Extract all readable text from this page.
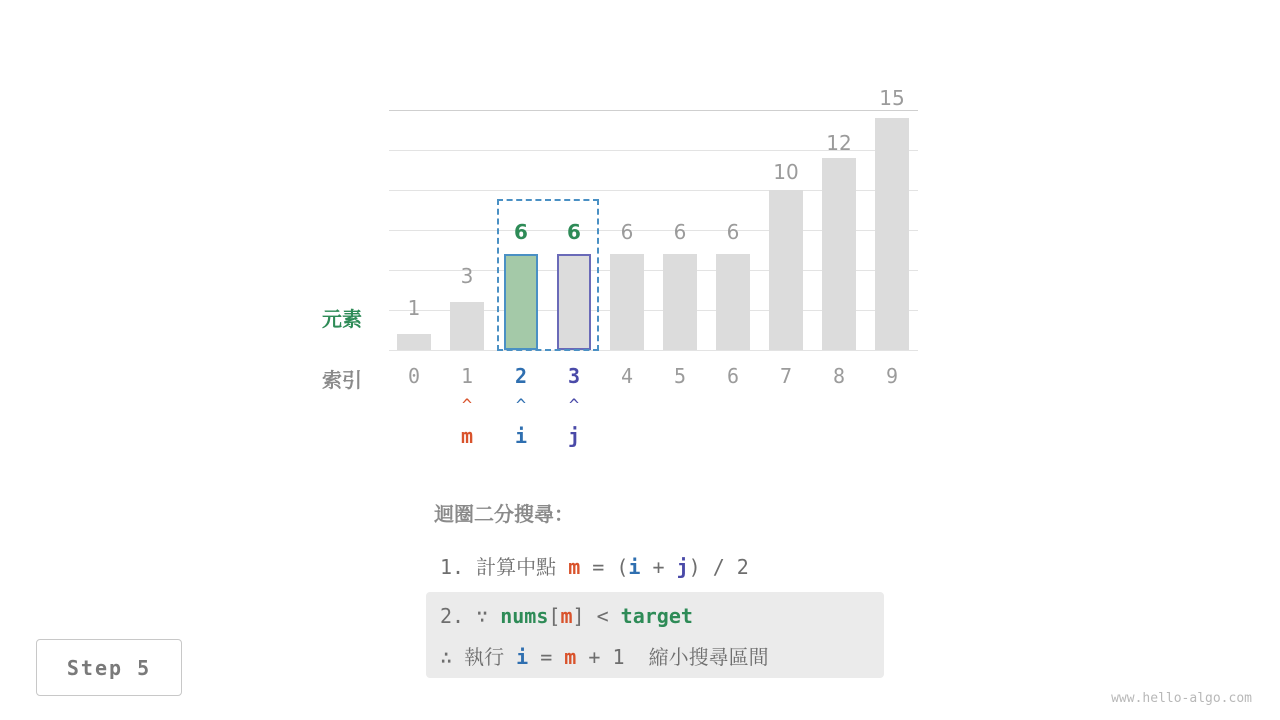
1
3
6	6	6	6	6
10
12
15
元素
索引	0	1	2	3	4	5	6	7	8	9
^	^	^
m	i	j
迴圈二分搜尋：
1. 計算中點 m = (i + j) / 2
2. ∵ nums[m] < target
∴ 執行 i = m + 1  縮小搜尋區間
Step 5
www.hello-algo.com
